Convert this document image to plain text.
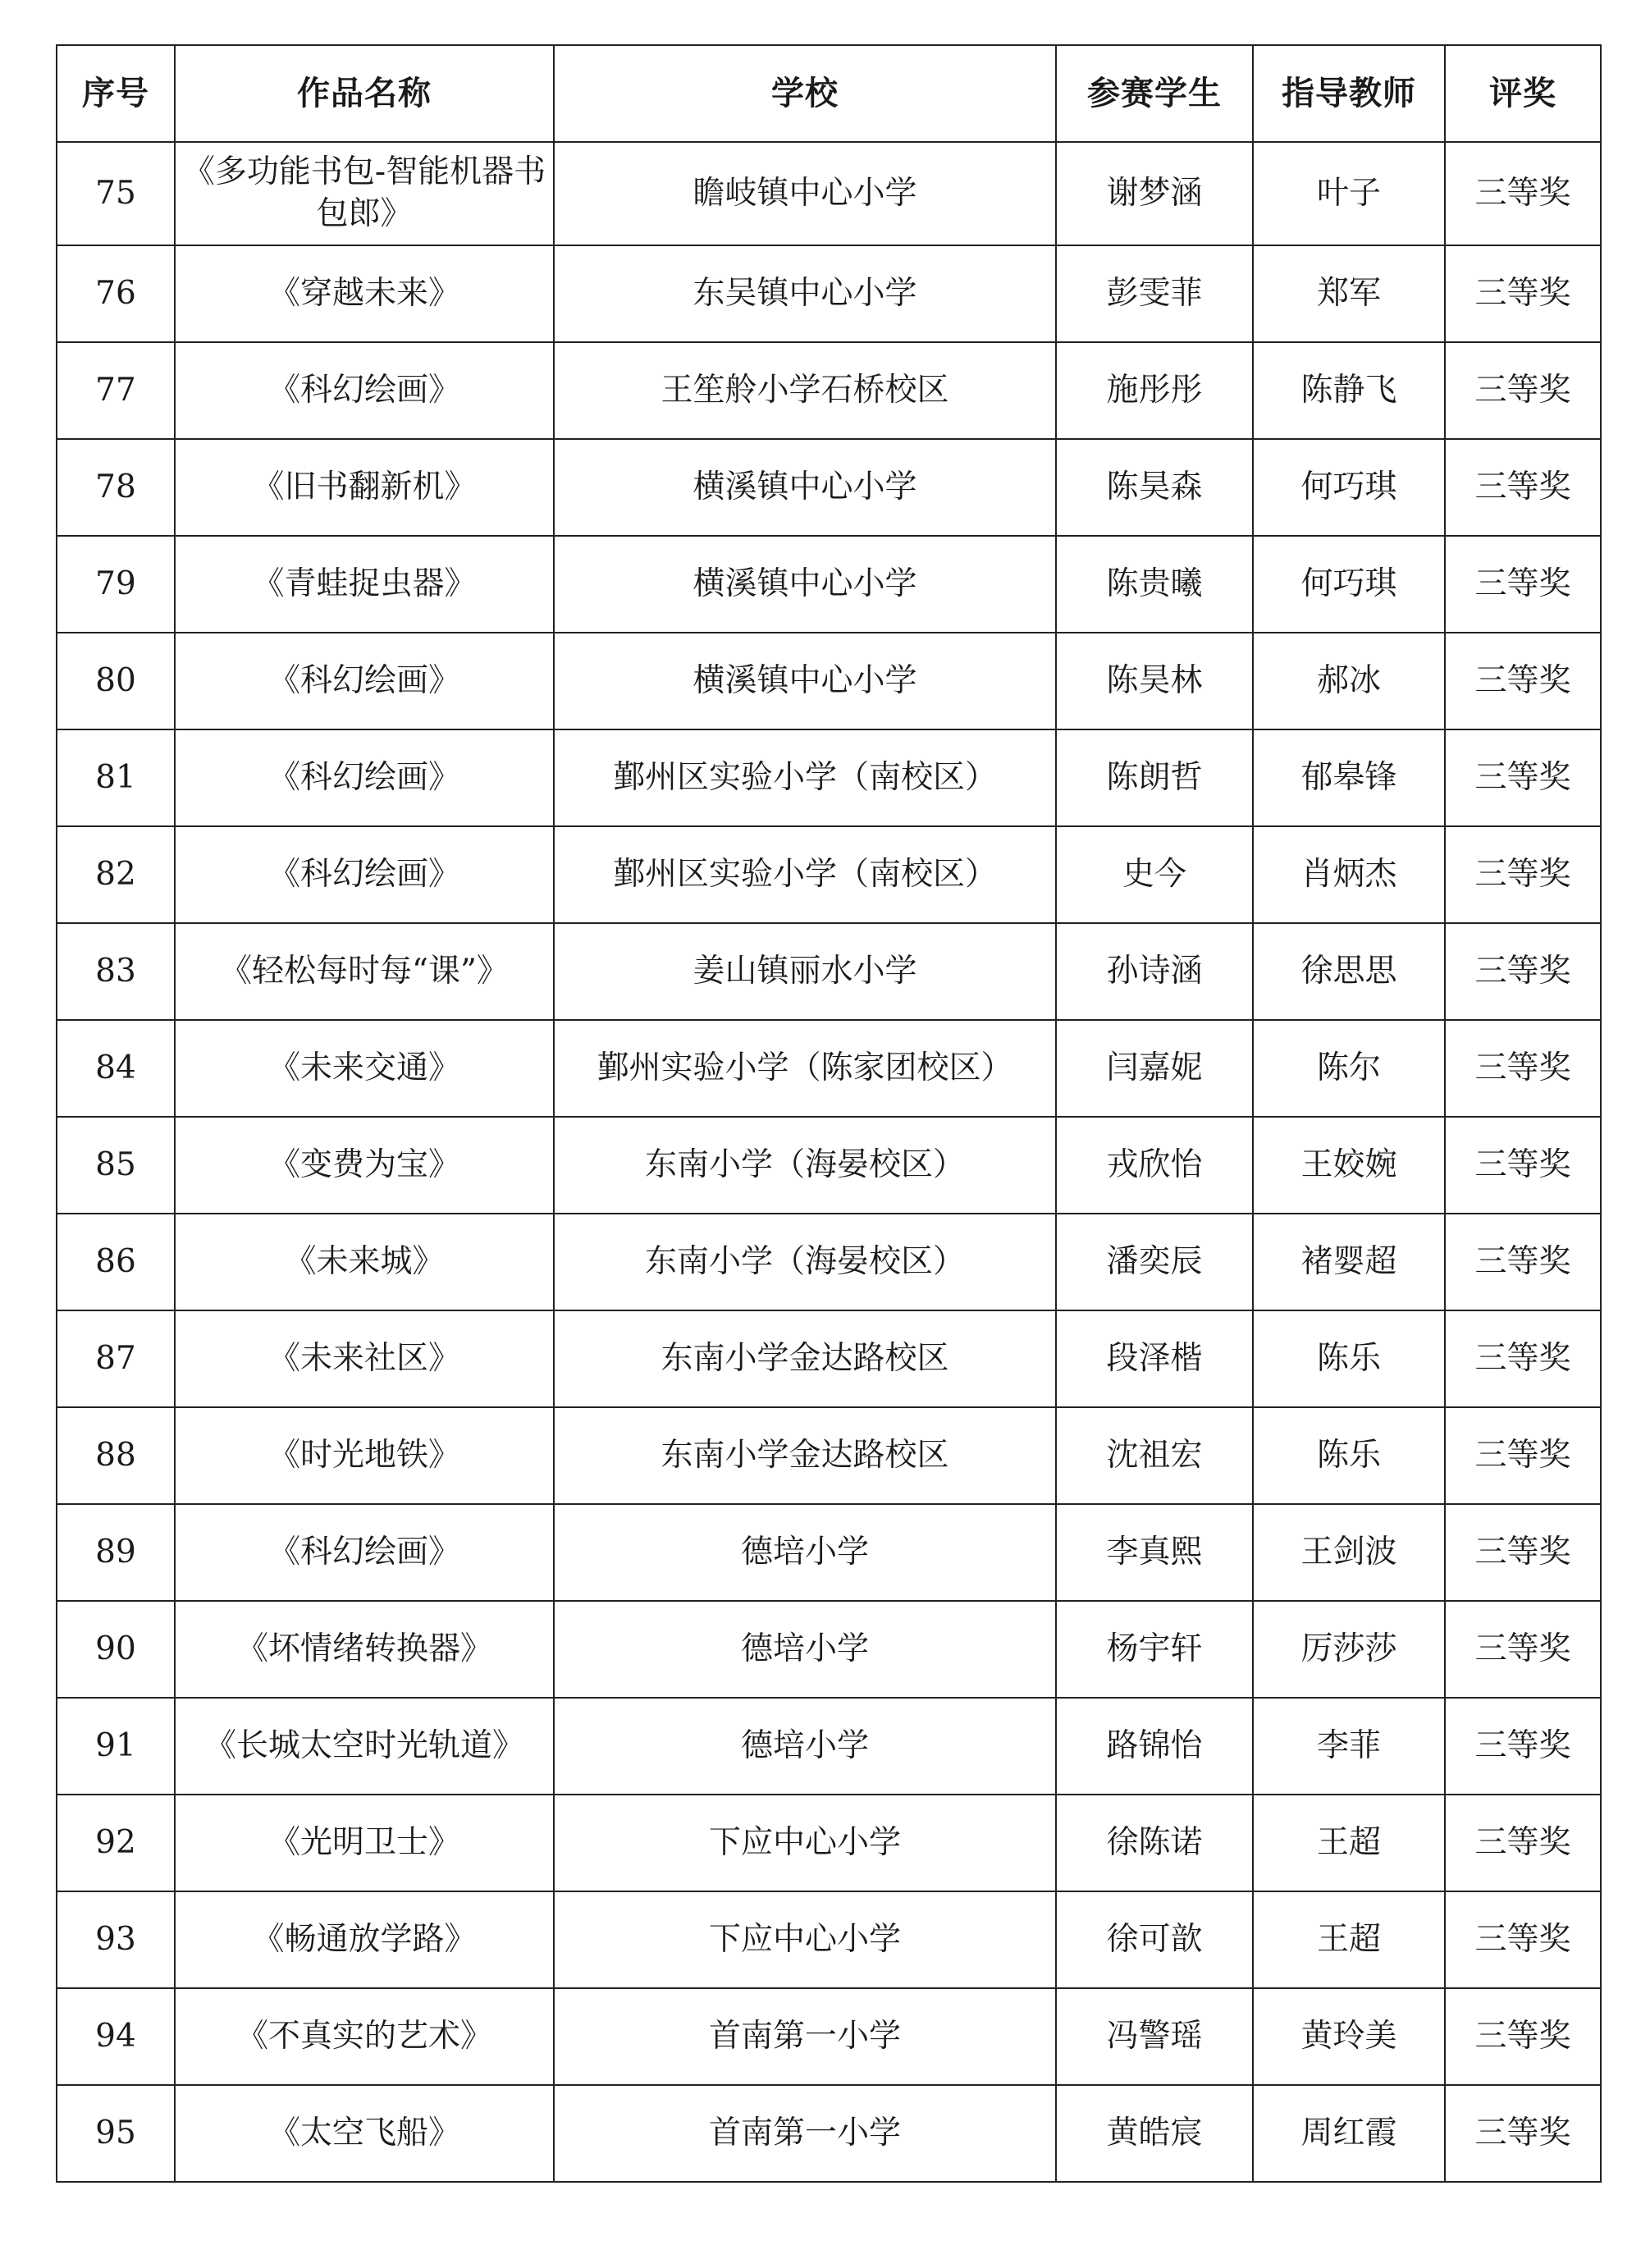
序号	作品名称	学校	参赛学生	指导教师	评奖
75	《多功能书包-智能机器书包郎》	瞻岐镇中心小学	谢梦涵	叶子	三等奖
76	《穿越未来》	东吴镇中心小学	彭雯菲	郑军	三等奖
77	《科幻绘画》	王笙舲小学石桥校区	施彤彤	陈静飞	三等奖
78	《旧书翻新机》	横溪镇中心小学	陈昊森	何巧琪	三等奖
79	《青蛙捉虫器》	横溪镇中心小学	陈贵曦	何巧琪	三等奖
80	《科幻绘画》	横溪镇中心小学	陈昊林	郝冰	三等奖
81	《科幻绘画》	鄞州区实验小学（南校区）	陈朗哲	郁皋锋	三等奖
82	《科幻绘画》	鄞州区实验小学（南校区）	史今	肖炳杰	三等奖
83	《轻松每时每“课”》	姜山镇丽水小学	孙诗涵	徐思思	三等奖
84	《未来交通》	鄞州实验小学（陈家团校区）	闫嘉妮	陈尔	三等奖
85	《变费为宝》	东南小学（海晏校区）	戎欣怡	王姣婉	三等奖
86	《未来城》	东南小学（海晏校区）	潘奕辰	褚婴超	三等奖
87	《未来社区》	东南小学金达路校区	段泽楷	陈乐	三等奖
88	《时光地铁》	东南小学金达路校区	沈祖宏	陈乐	三等奖
89	《科幻绘画》	德培小学	李真熙	王剑波	三等奖
90	《坏情绪转换器》	德培小学	杨宇轩	厉莎莎	三等奖
91	《长城太空时光轨道》	德培小学	路锦怡	李菲	三等奖
92	《光明卫士》	下应中心小学	徐陈诺	王超	三等奖
93	《畅通放学路》	下应中心小学	徐可歆	王超	三等奖
94	《不真实的艺术》	首南第一小学	冯警瑶	黄玲美	三等奖
95	《太空飞船》	首南第一小学	黄皓宸	周红霞	三等奖
